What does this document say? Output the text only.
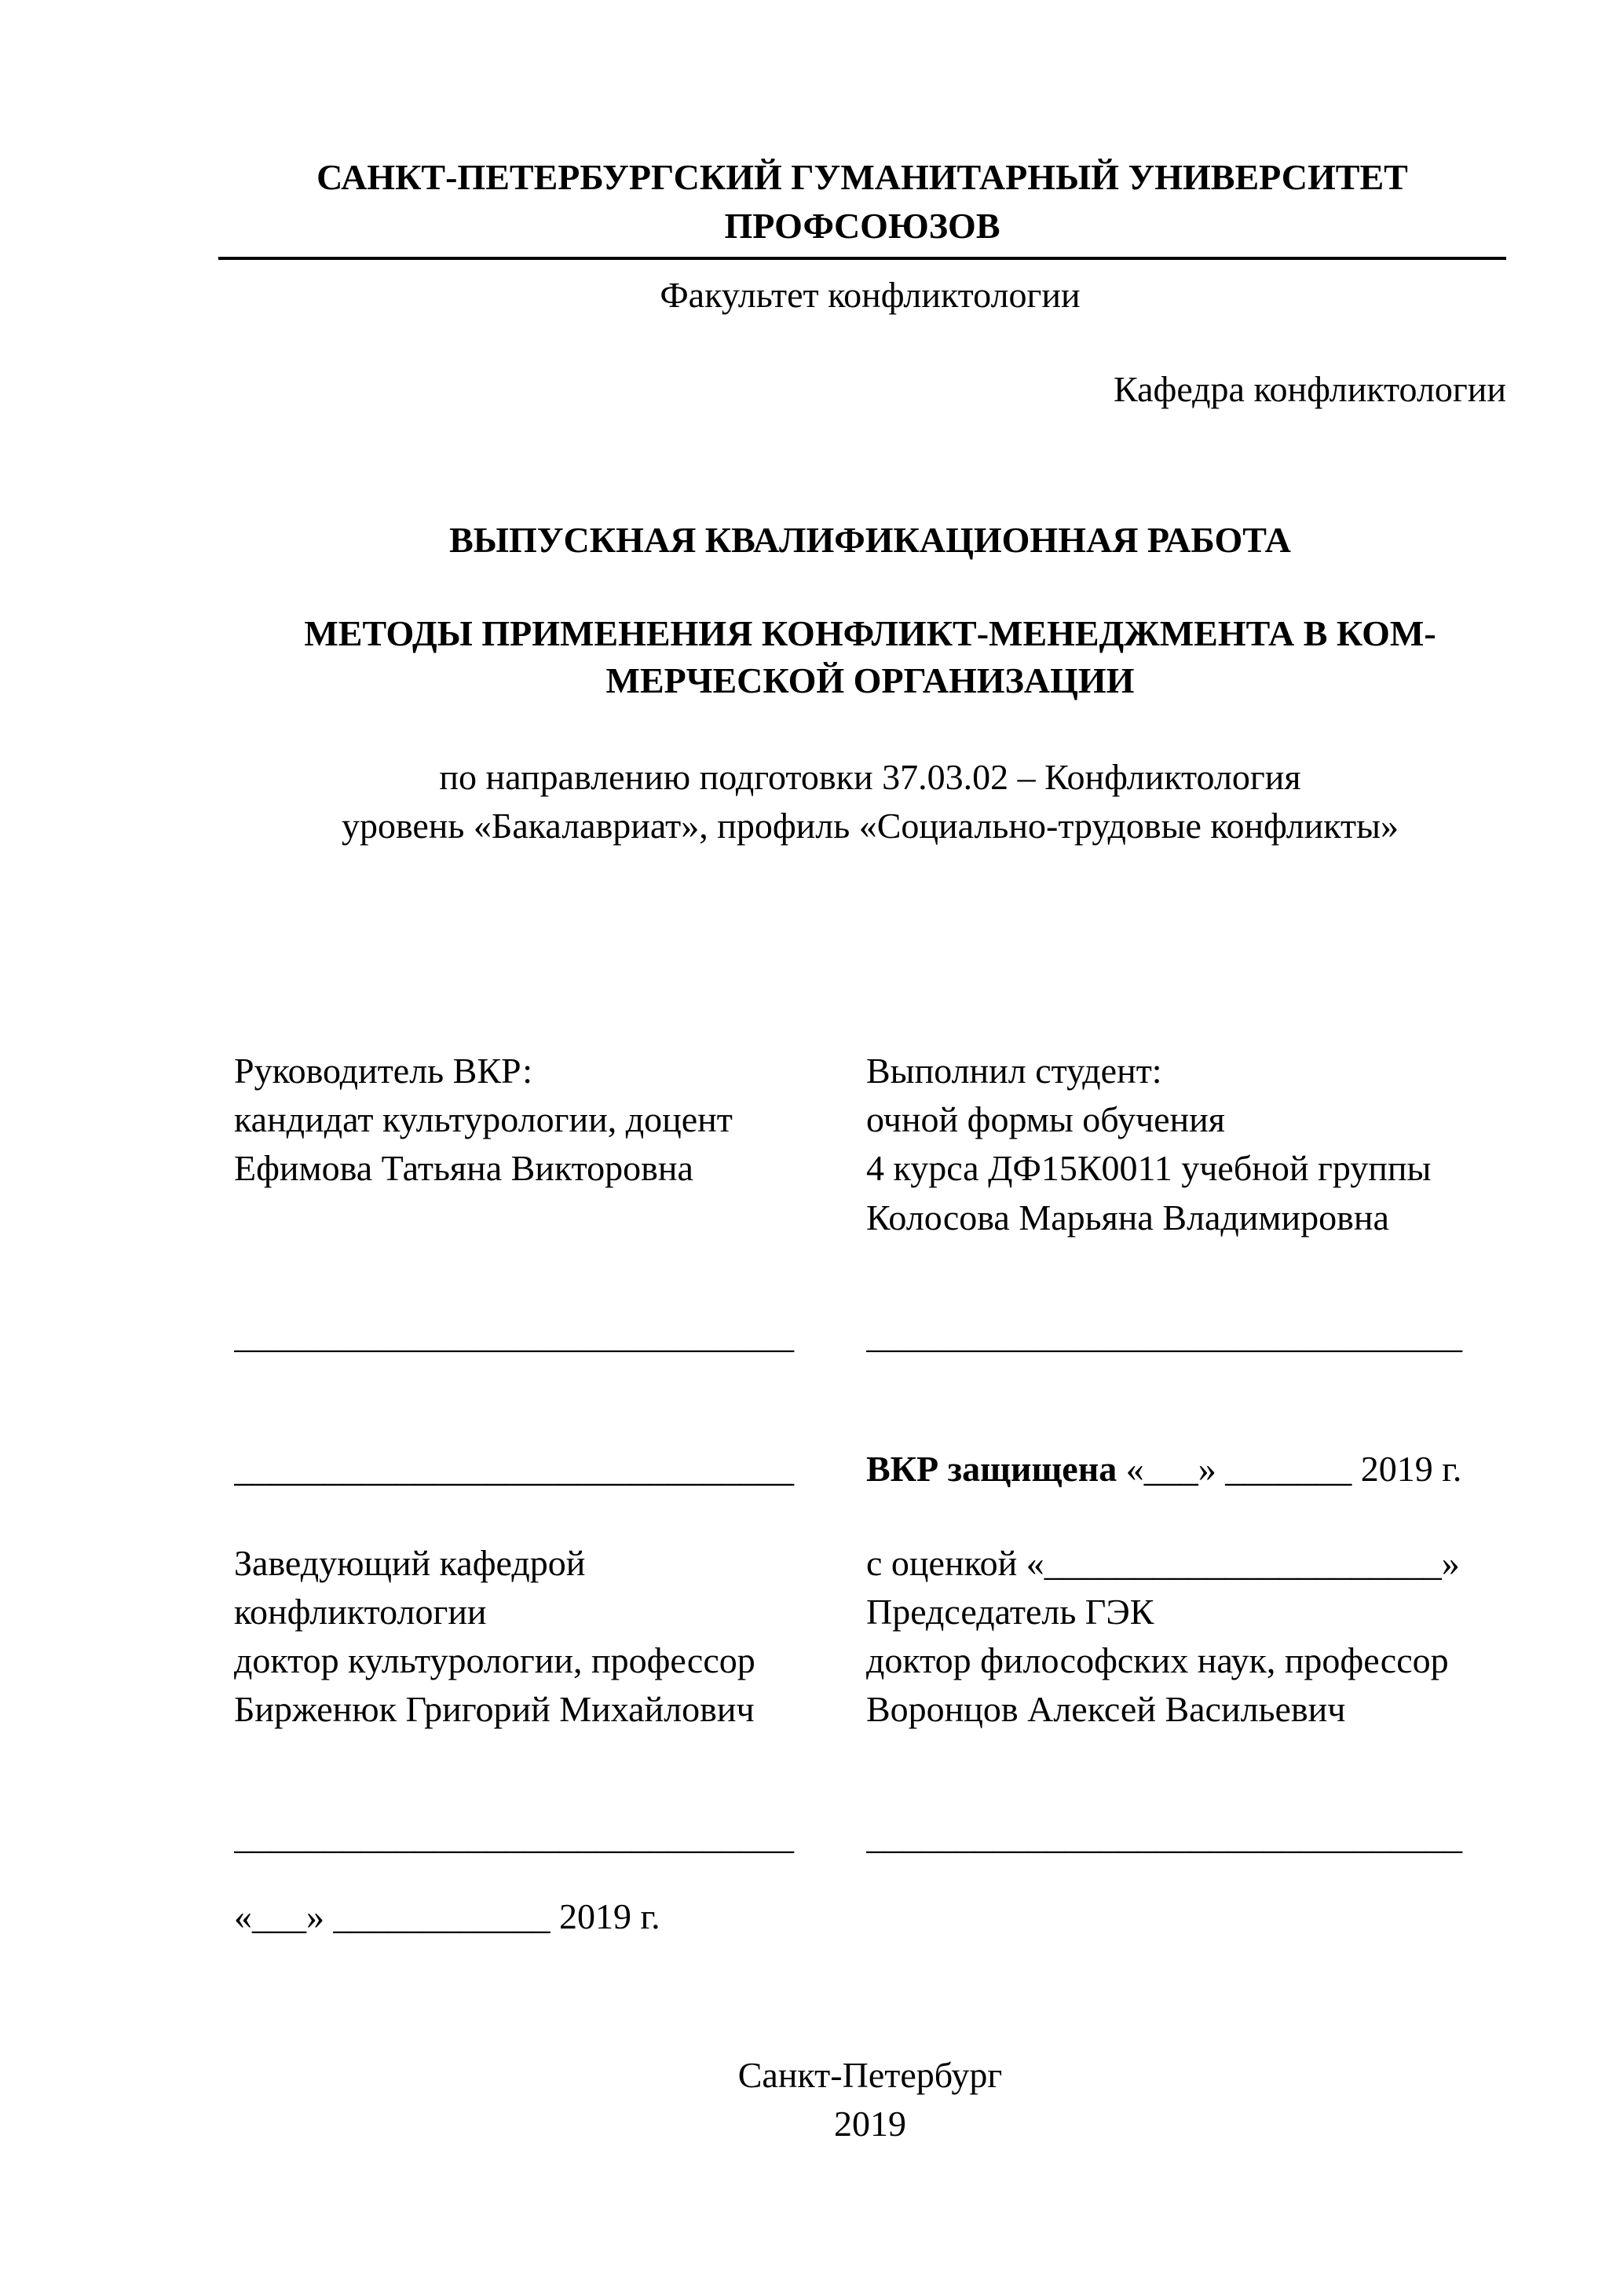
САНКТ-ПЕТЕРБУРГСКИЙ ГУМАНИТАРНЫЙ УНИВЕРСИТЕТ ПРОФСОЮЗОВ
Факультет конфликтологии
Кафедра конфликтологии
ВЫПУСКНАЯ КВАЛИФИКАЦИОННАЯ РАБОТА
МЕТОДЫ ПРИМЕНЕНИЯ КОНФЛИКТ-МЕНЕДЖМЕНТА В КОМ-
МЕРЧЕСКОЙ ОРГАНИЗАЦИИ
по направлению подготовки 37.03.02 – Конфликтология
уровень «Бакалавриат», профиль «Социально-трудовые конфликты»
Руководитель ВКР:
кандидат культурологии, доцент
Ефимова Татьяна Викторовна
Выполнил студент:
очной формы обучения
4 курса ДФ15К0011 учебной группы
Колосова Марьяна Владимировна
_______________________________	_________________________________
_______________________________	ВКР защищена «___» _______ 2019 г.
Заведующий кафедрой
конфликтологии
доктор культурологии, профессор
Бирженюк Григорий Михайлович
с оценкой «______________________»
Председатель ГЭК
доктор философских наук, профессор
Воронцов Алексей Васильевич
_______________________________	_________________________________
«___» ____________ 2019 г.
Санкт-Петербург
2019
